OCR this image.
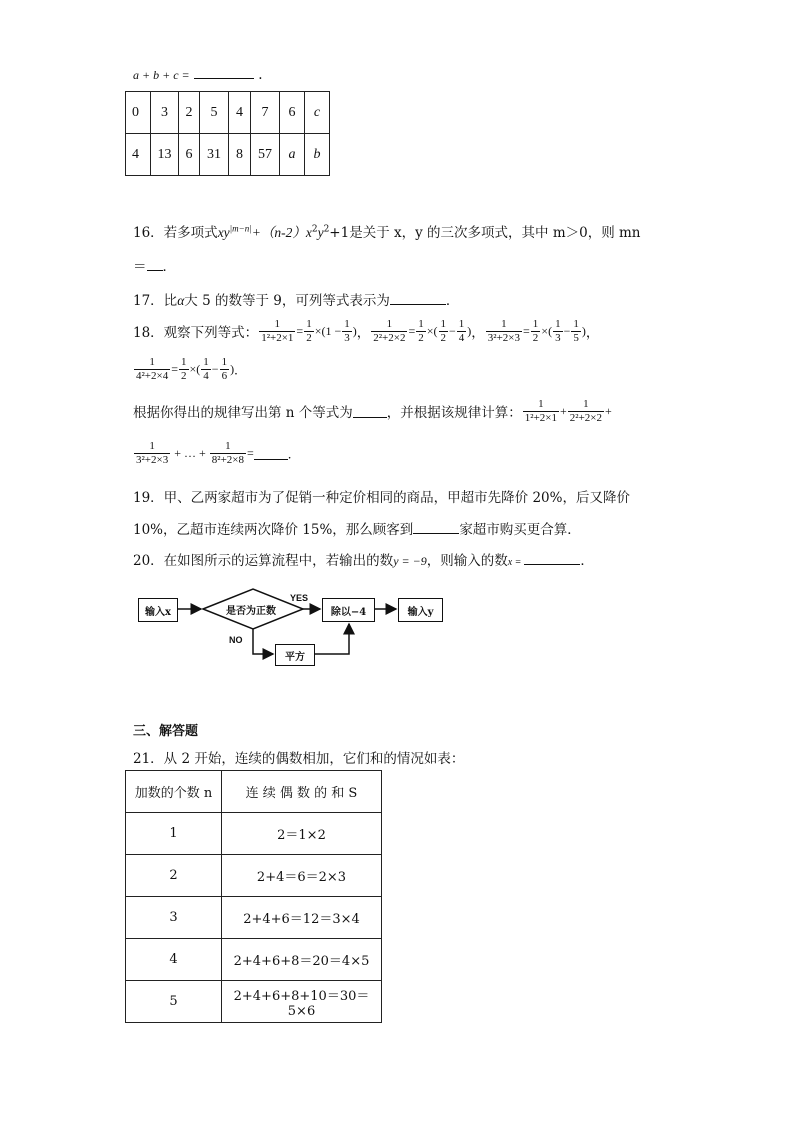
a + b + c =	.
0	3	2	5	4	7	6	c
4	13	6	31	8	57	a	b
16．若多项式$xy^{|m-n|}+(n-2)x^2y^2+1$是关于 x，y 的三次多项式，其中 m＞0，则 mn
＝ ．
17．比α大 5 的数等于 9，可列等式表示为	．
18．观察下列等式： $\frac{1}{\text{1²+2×1}} = \frac{1}{2} \times (1 - \frac{1}{3}$ ) ， $\frac{1}{\text{2²+2×2}} = \frac{1}{2}$ × ( $\frac{1}{2} - \frac{1}{4}$ ) ， $\frac{1}{\text{3²+2×3}} = \frac{1}{2}$ × ( $\frac{1}{3} - \frac{1}{5}$ ) ，
$\frac{1}{\text{4²+2×4}} = \frac{1}{2}$ × ( $\frac{1}{4} - \frac{1}{6}$ ) ．
根据你得出的规律写出第 n 个等式为	，并根据该规律计算： $\frac{1}{\text{1²+2×1}} + \frac{1}{\text{2²+2×2}}$ +
$\frac{1}{\text{3²+2×3}}$ + … + $\frac{1}{\text{8²+2×8}}$ =	．
19．甲、乙两家超市为了促销一种定价相同的商品，甲超市先降价 20%，后又降价
10%，乙超市连续两次降价 15%，那么顾客到	家超市购买更合算．
20．在如图所示的运算流程中，若输出的数y = −9，则输入的数x =	．
输入x	是否为正数
YES
NO
除以−4	输入y
平方
三、解答题
21．从 2 开始，连续的偶数相加，它们和的情况如表：
加数的个数 n	连 续 偶 数 的 和 S
1	2＝1×2
2	2+4＝6＝2×3
3	2+4+6＝12＝3×4
4	2+4+6+8＝20＝4×5
5	2+4+6+8+10＝30＝5×6
